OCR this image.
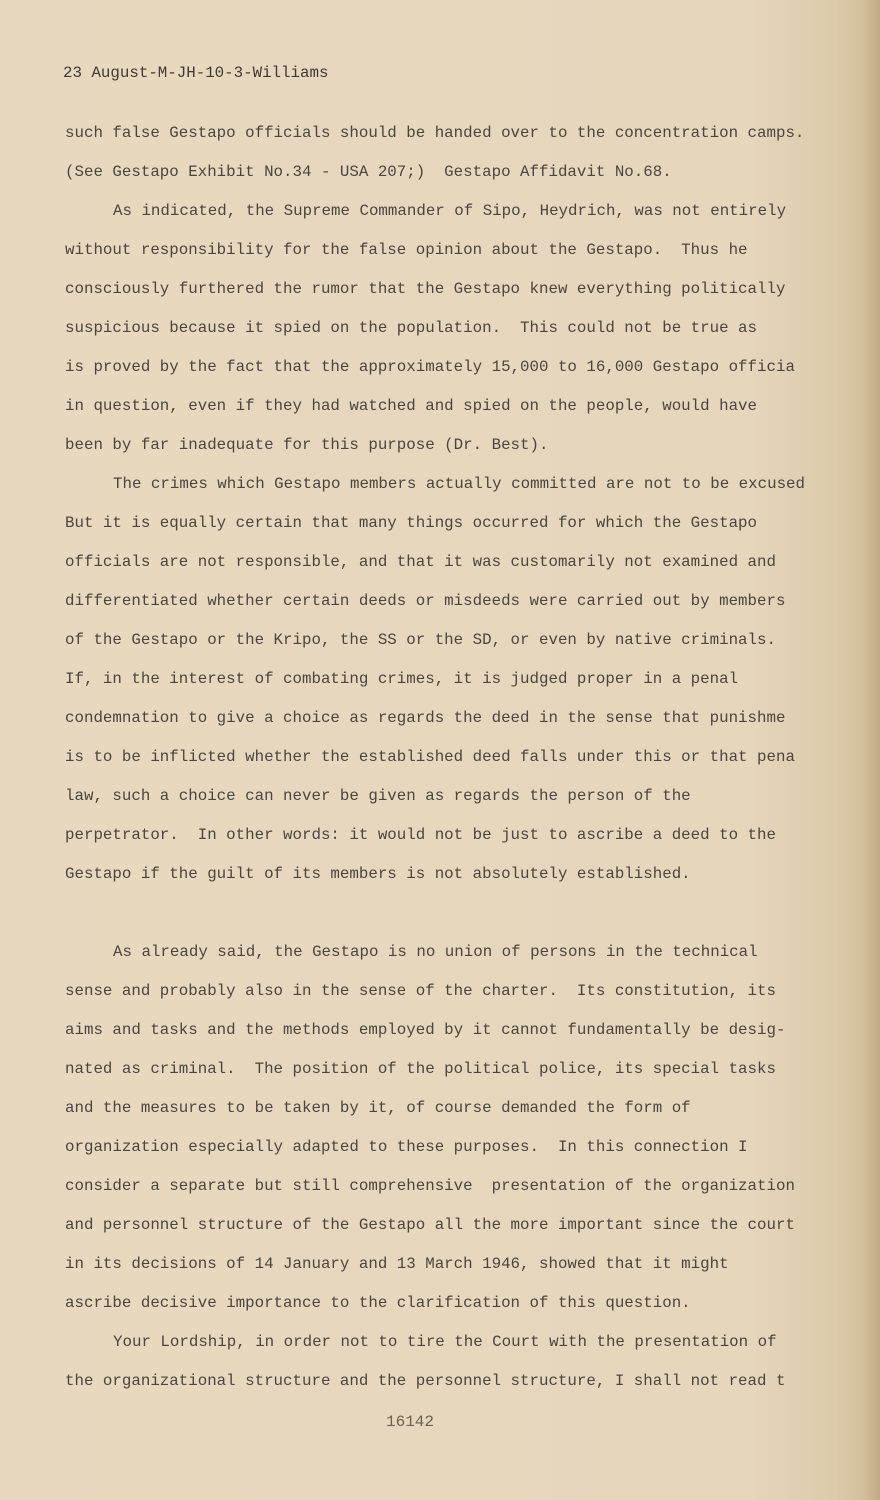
23 August-M-JH-10-3-Williams
such false Gestapo officials should be handed over to the concentration camps.
(See Gestapo Exhibit No.34 - USA 207;)  Gestapo Affidavit No.68.
As indicated, the Supreme Commander of Sipo, Heydrich, was not entirely
without responsibility for the false opinion about the Gestapo.  Thus he
consciously furthered the rumor that the Gestapo knew everything politically
suspicious because it spied on the population.  This could not be true as
is proved by the fact that the approximately 15,000 to 16,000 Gestapo officia
in question, even if they had watched and spied on the people, would have
been by far inadequate for this purpose (Dr. Best).
The crimes which Gestapo members actually committed are not to be excused
But it is equally certain that many things occurred for which the Gestapo
officials are not responsible, and that it was customarily not examined and
differentiated whether certain deeds or misdeeds were carried out by members
of the Gestapo or the Kripo, the SS or the SD, or even by native criminals.
If, in the interest of combating crimes, it is judged proper in a penal
condemnation to give a choice as regards the deed in the sense that punishme
is to be inflicted whether the established deed falls under this or that pena
law, such a choice can never be given as regards the person of the
perpetrator.  In other words: it would not be just to ascribe a deed to the
Gestapo if the guilt of its members is not absolutely established.
As already said, the Gestapo is no union of persons in the technical
sense and probably also in the sense of the charter.  Its constitution, its
aims and tasks and the methods employed by it cannot fundamentally be desig-
nated as criminal.  The position of the political police, its special tasks
and the measures to be taken by it, of course demanded the form of
organization especially adapted to these purposes.  In this connection I
consider a separate but still comprehensive  presentation of the organization
and personnel structure of the Gestapo all the more important since the court
in its decisions of 14 January and 13 March 1946, showed that it might
ascribe decisive importance to the clarification of this question.
Your Lordship, in order not to tire the Court with the presentation of
the organizational structure and the personnel structure, I shall not read t
16142
